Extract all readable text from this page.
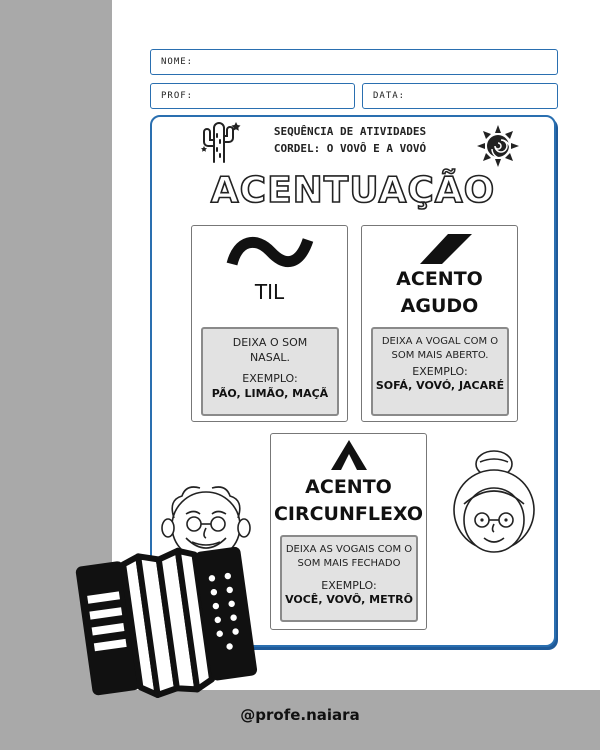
NOME:
PROF:	DATA:
SEQUÊNCIA DE ATIVIDADES
CORDEL: O VOVÔ E A VOVÓ
ACENTUAÇÃO
TIL
DEIXA O SOM NASAL.
EXEMPLO:
PÃO, LIMÃO, MAÇÃ
ACENTO
AGUDO
DEIXA A VOGAL COM O SOM MAIS ABERTO.
EXEMPLO:
SOFÁ, VOVÓ, JACARÉ
ACENTO
CIRCUNFLEXO
DEIXA AS VOGAIS COM O SOM MAIS FECHADO
EXEMPLO:
VOCÊ, VOVÔ, METRÔ
@profe.naiara
